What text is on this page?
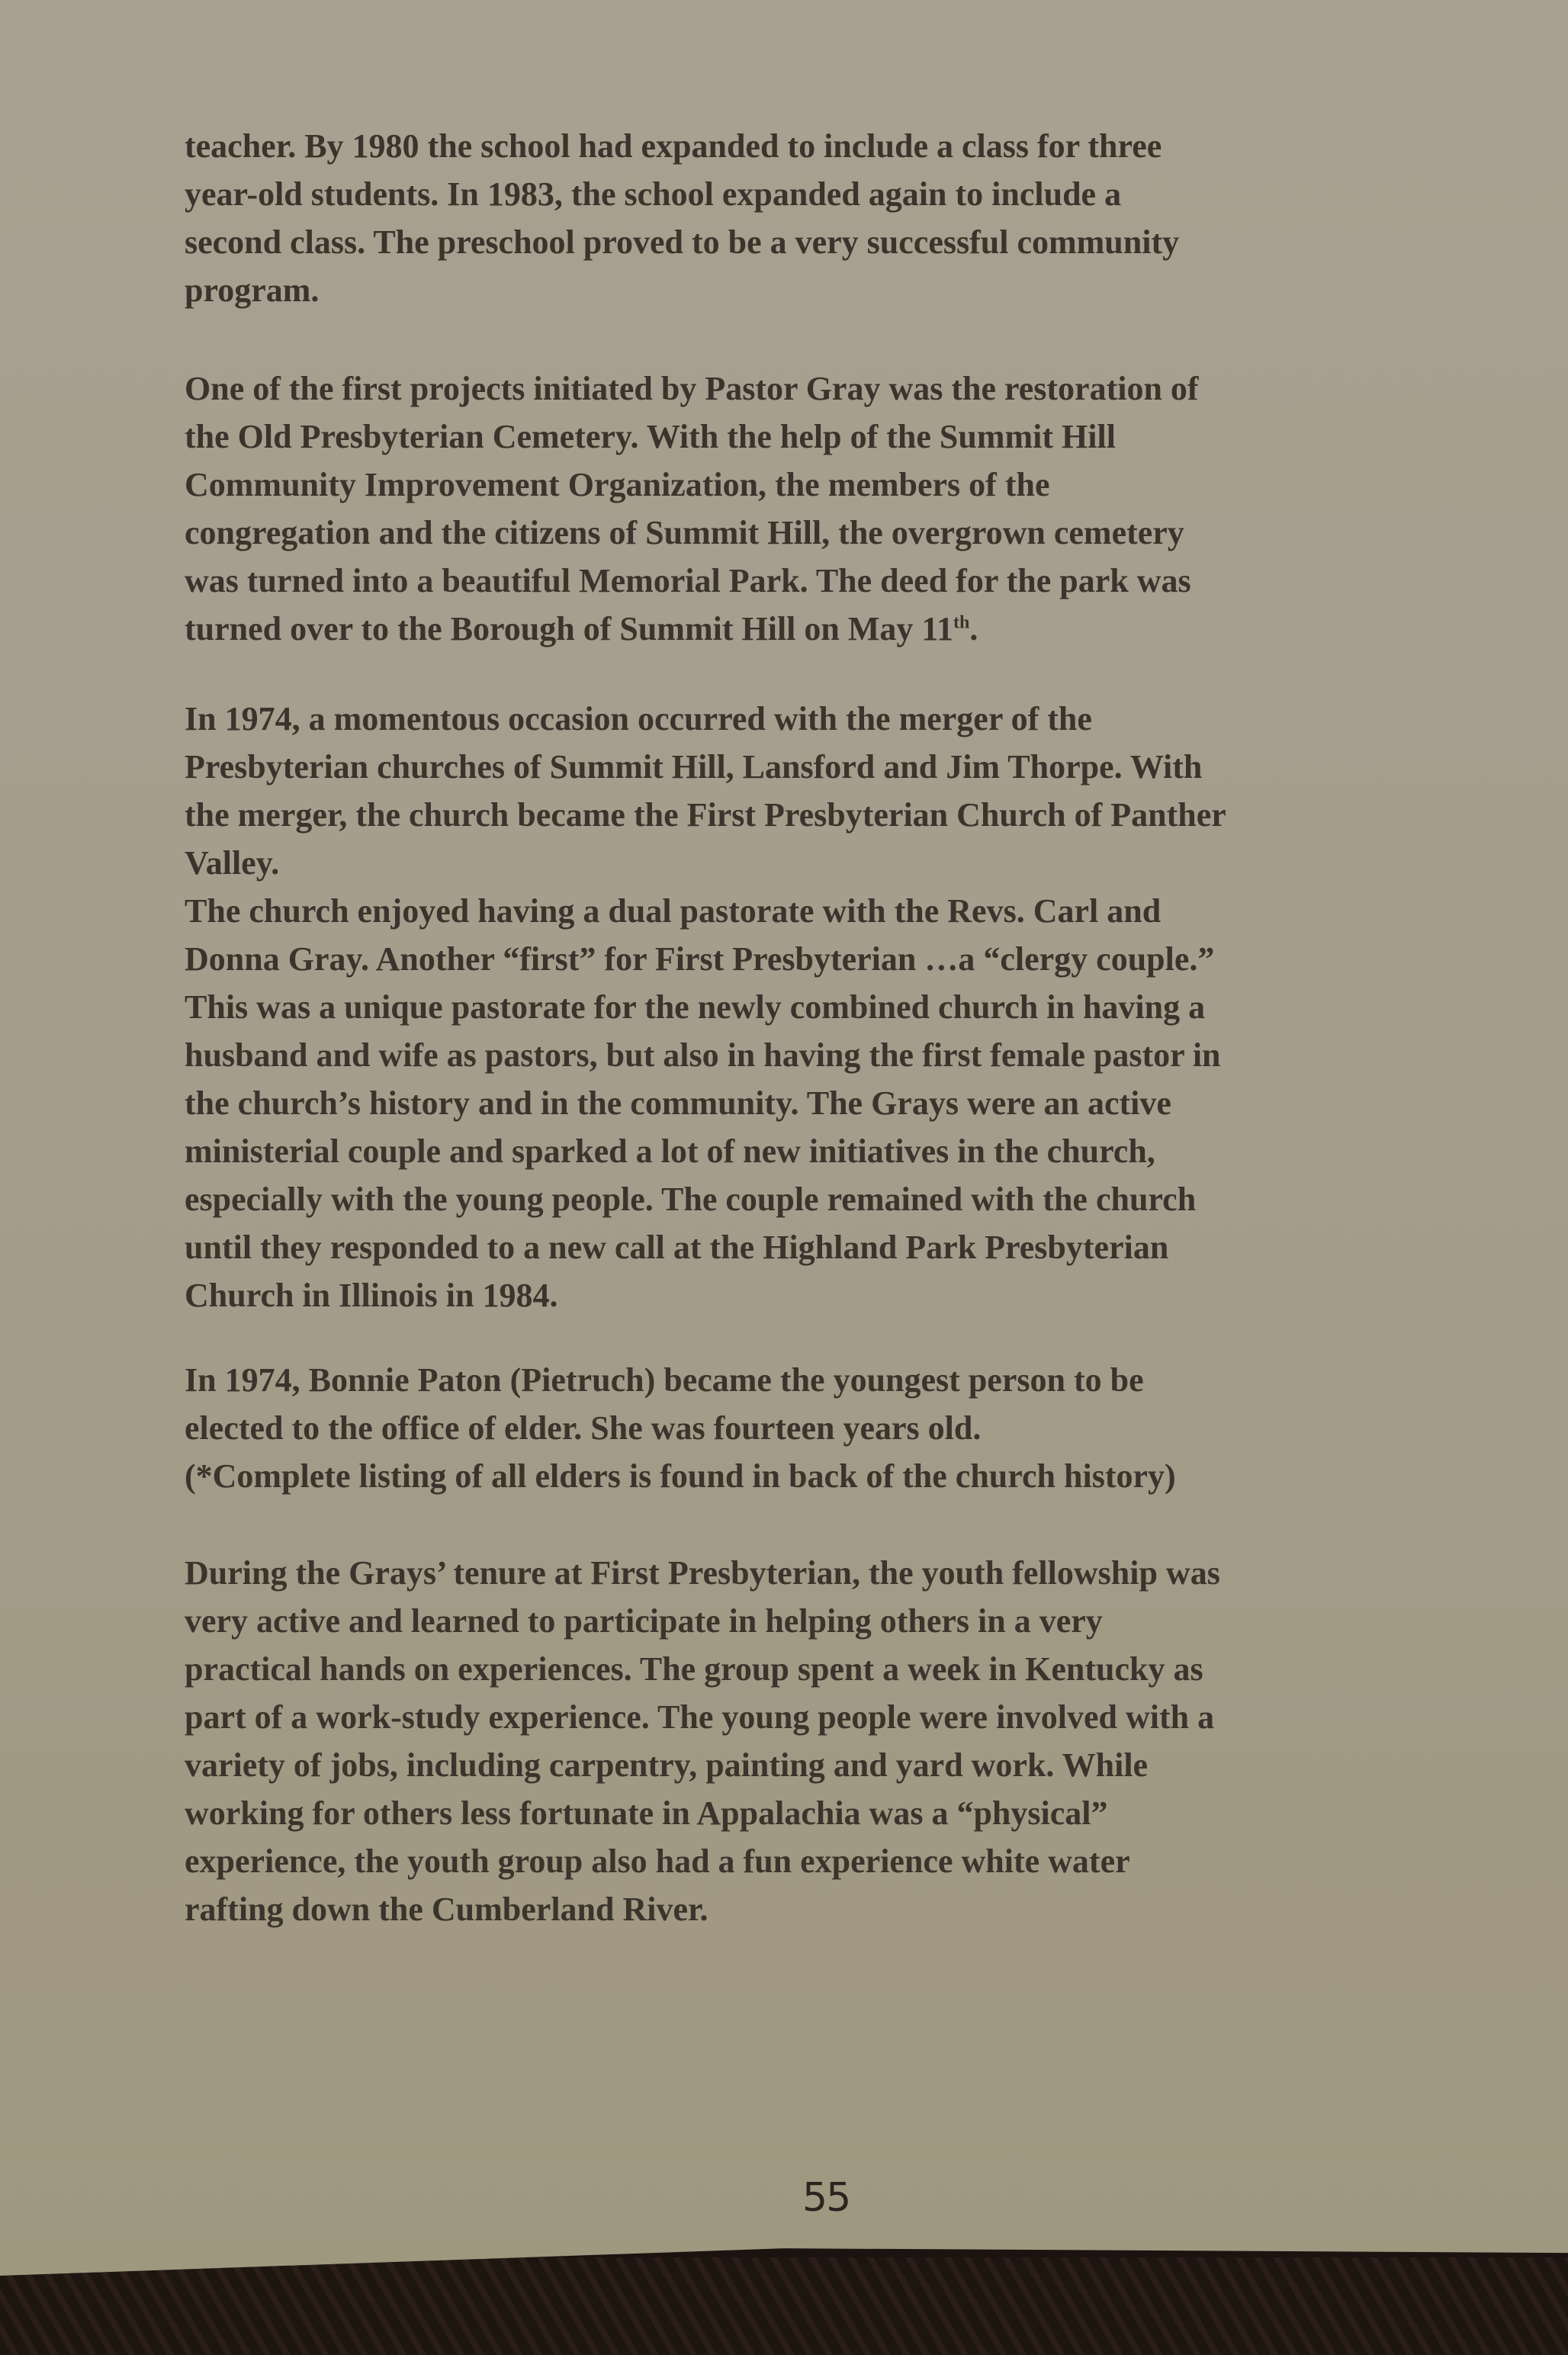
teacher. By 1980 the school had expanded to include a class for three
year-old students. In 1983, the school expanded again to include a
second class. The preschool proved to be a very successful community
program.
One of the first projects initiated by Pastor Gray was the restoration of
the Old Presbyterian Cemetery. With the help of the Summit Hill
Community Improvement Organization, the members of the
congregation and the citizens of Summit Hill, the overgrown cemetery
was turned into a beautiful Memorial Park. The deed for the park was
turned over to the Borough of Summit Hill on May 11th.
In 1974, a momentous occasion occurred with the merger of the
Presbyterian churches of Summit Hill, Lansford and Jim Thorpe. With
the merger, the church became the First Presbyterian Church of Panther
Valley.
The church enjoyed having a dual pastorate with the Revs. Carl and
Donna Gray. Another “first” for First Presbyterian …a “clergy couple.”
This was a unique pastorate for the newly combined church in having a
husband and wife as pastors, but also in having the first female pastor in
the church’s history and in the community. The Grays were an active
ministerial couple and sparked a lot of new initiatives in the church,
especially with the young people. The couple remained with the church
until they responded to a new call at the Highland Park Presbyterian
Church in Illinois in 1984.
In 1974, Bonnie Paton (Pietruch) became the youngest person to be
elected to the office of elder. She was fourteen years old.
(*Complete listing of all elders is found in back of the church history)
During the Grays’ tenure at First Presbyterian, the youth fellowship was
very active and learned to participate in helping others in a very
practical hands on experiences. The group spent a week in Kentucky as
part of a work-study experience. The young people were involved with a
variety of jobs, including carpentry, painting and yard work. While
working for others less fortunate in Appalachia was a “physical”
experience, the youth group also had a fun experience white water
rafting down the Cumberland River.
55
